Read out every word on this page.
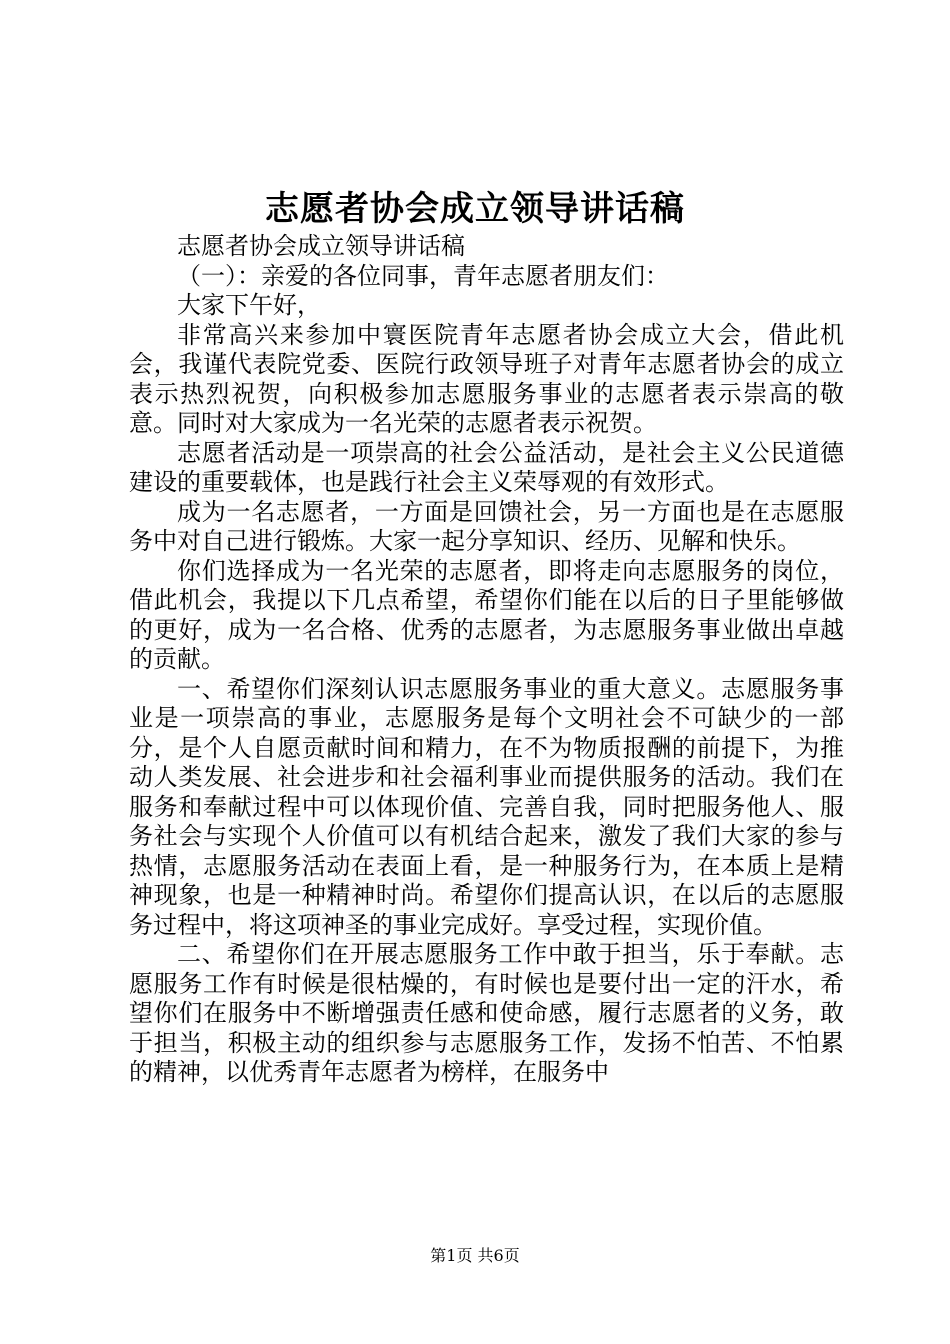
志愿者协会成立领导讲话稿

志愿者协会成立领导讲话稿

（一）：亲爱的各位同事，青年志愿者朋友们：

大家下午好，

非常高兴来参加中寰医院青年志愿者协会成立大会，借此机会，我谨代表院党委、医院行政领导班子对青年志愿者协会的成立表示热烈祝贺，向积极参加志愿服务事业的志愿者表示崇高的敬意。同时对大家成为一名光荣的志愿者表示祝贺。

志愿者活动是一项崇高的社会公益活动，是社会主义公民道德建设的重要载体，也是践行社会主义荣辱观的有效形式。

成为一名志愿者，一方面是回馈社会，另一方面也是在志愿服务中对自己进行锻炼。大家一起分享知识、经历、见解和快乐。

你们选择成为一名光荣的志愿者，即将走向志愿服务的岗位，借此机会，我提以下几点希望，希望你们能在以后的日子里能够做的更好，成为一名合格、优秀的志愿者，为志愿服务事业做出卓越的贡献。

一、希望你们深刻认识志愿服务事业的重大意义。志愿服务事业是一项崇高的事业，志愿服务是每个文明社会不可缺少的一部分，是个人自愿贡献时间和精力，在不为物质报酬的前提下，为推动人类发展、社会进步和社会福利事业而提供服务的活动。我们在服务和奉献过程中可以体现价值、完善自我，同时把服务他人、服务社会与实现个人价值可以有机结合起来，激发了我们大家的参与热情，志愿服务活动在表面上看，是一种服务行为，在本质上是精神现象，也是一种精神时尚。希望你们提高认识，在以后的志愿服务过程中，将这项神圣的事业完成好。享受过程，实现价值。

二、希望你们在开展志愿服务工作中敢于担当，乐于奉献。志愿服务工作有时候是很枯燥的，有时候也是要付出一定的汗水，希望你们在服务中不断增强责任感和使命感，履行志愿者的义务，敢于担当，积极主动的组织参与志愿服务工作，发扬不怕苦、不怕累的精神，以优秀青年志愿者为榜样，在服务中

第1页 共6页
